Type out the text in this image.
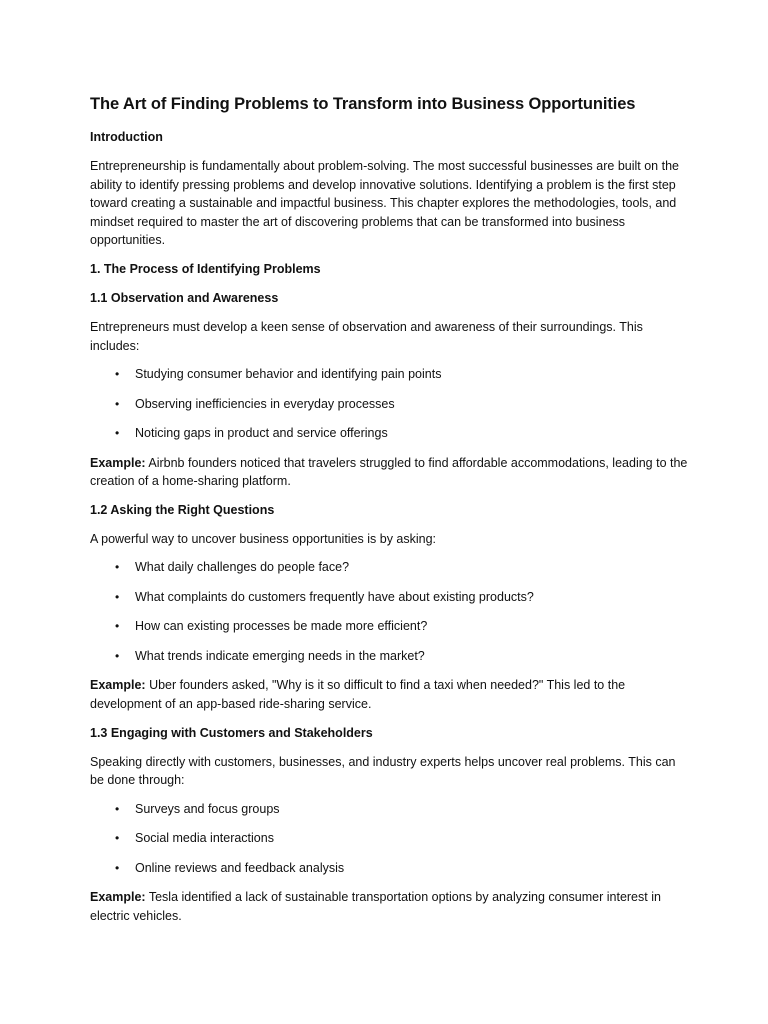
The Art of Finding Problems to Transform into Business Opportunities
Introduction

Entrepreneurship is fundamentally about problem-solving. The most successful businesses are built on the ability to identify pressing problems and develop innovative solutions. Identifying a problem is the first step toward creating a sustainable and impactful business. This chapter explores the methodologies, tools, and mindset required to master the art of discovering problems that can be transformed into business opportunities.

1. The Process of Identifying Problems
1.1 Observation and Awareness

Entrepreneurs must develop a keen sense of observation and awareness of their surroundings. This includes:

• Studying consumer behavior and identifying pain points
• Observing inefficiencies in everyday processes
• Noticing gaps in product and service offerings

Example: Airbnb founders noticed that travelers struggled to find affordable accommodations, leading to the creation of a home-sharing platform.

1.2 Asking the Right Questions

A powerful way to uncover business opportunities is by asking:

• What daily challenges do people face?
• What complaints do customers frequently have about existing products?
• How can existing processes be made more efficient?
• What trends indicate emerging needs in the market?

Example: Uber founders asked, "Why is it so difficult to find a taxi when needed?" This led to the development of an app-based ride-sharing service.

1.3 Engaging with Customers and Stakeholders

Speaking directly with customers, businesses, and industry experts helps uncover real problems. This can be done through:

• Surveys and focus groups
• Social media interactions
• Online reviews and feedback analysis

Example: Tesla identified a lack of sustainable transportation options by analyzing consumer interest in electric vehicles.
